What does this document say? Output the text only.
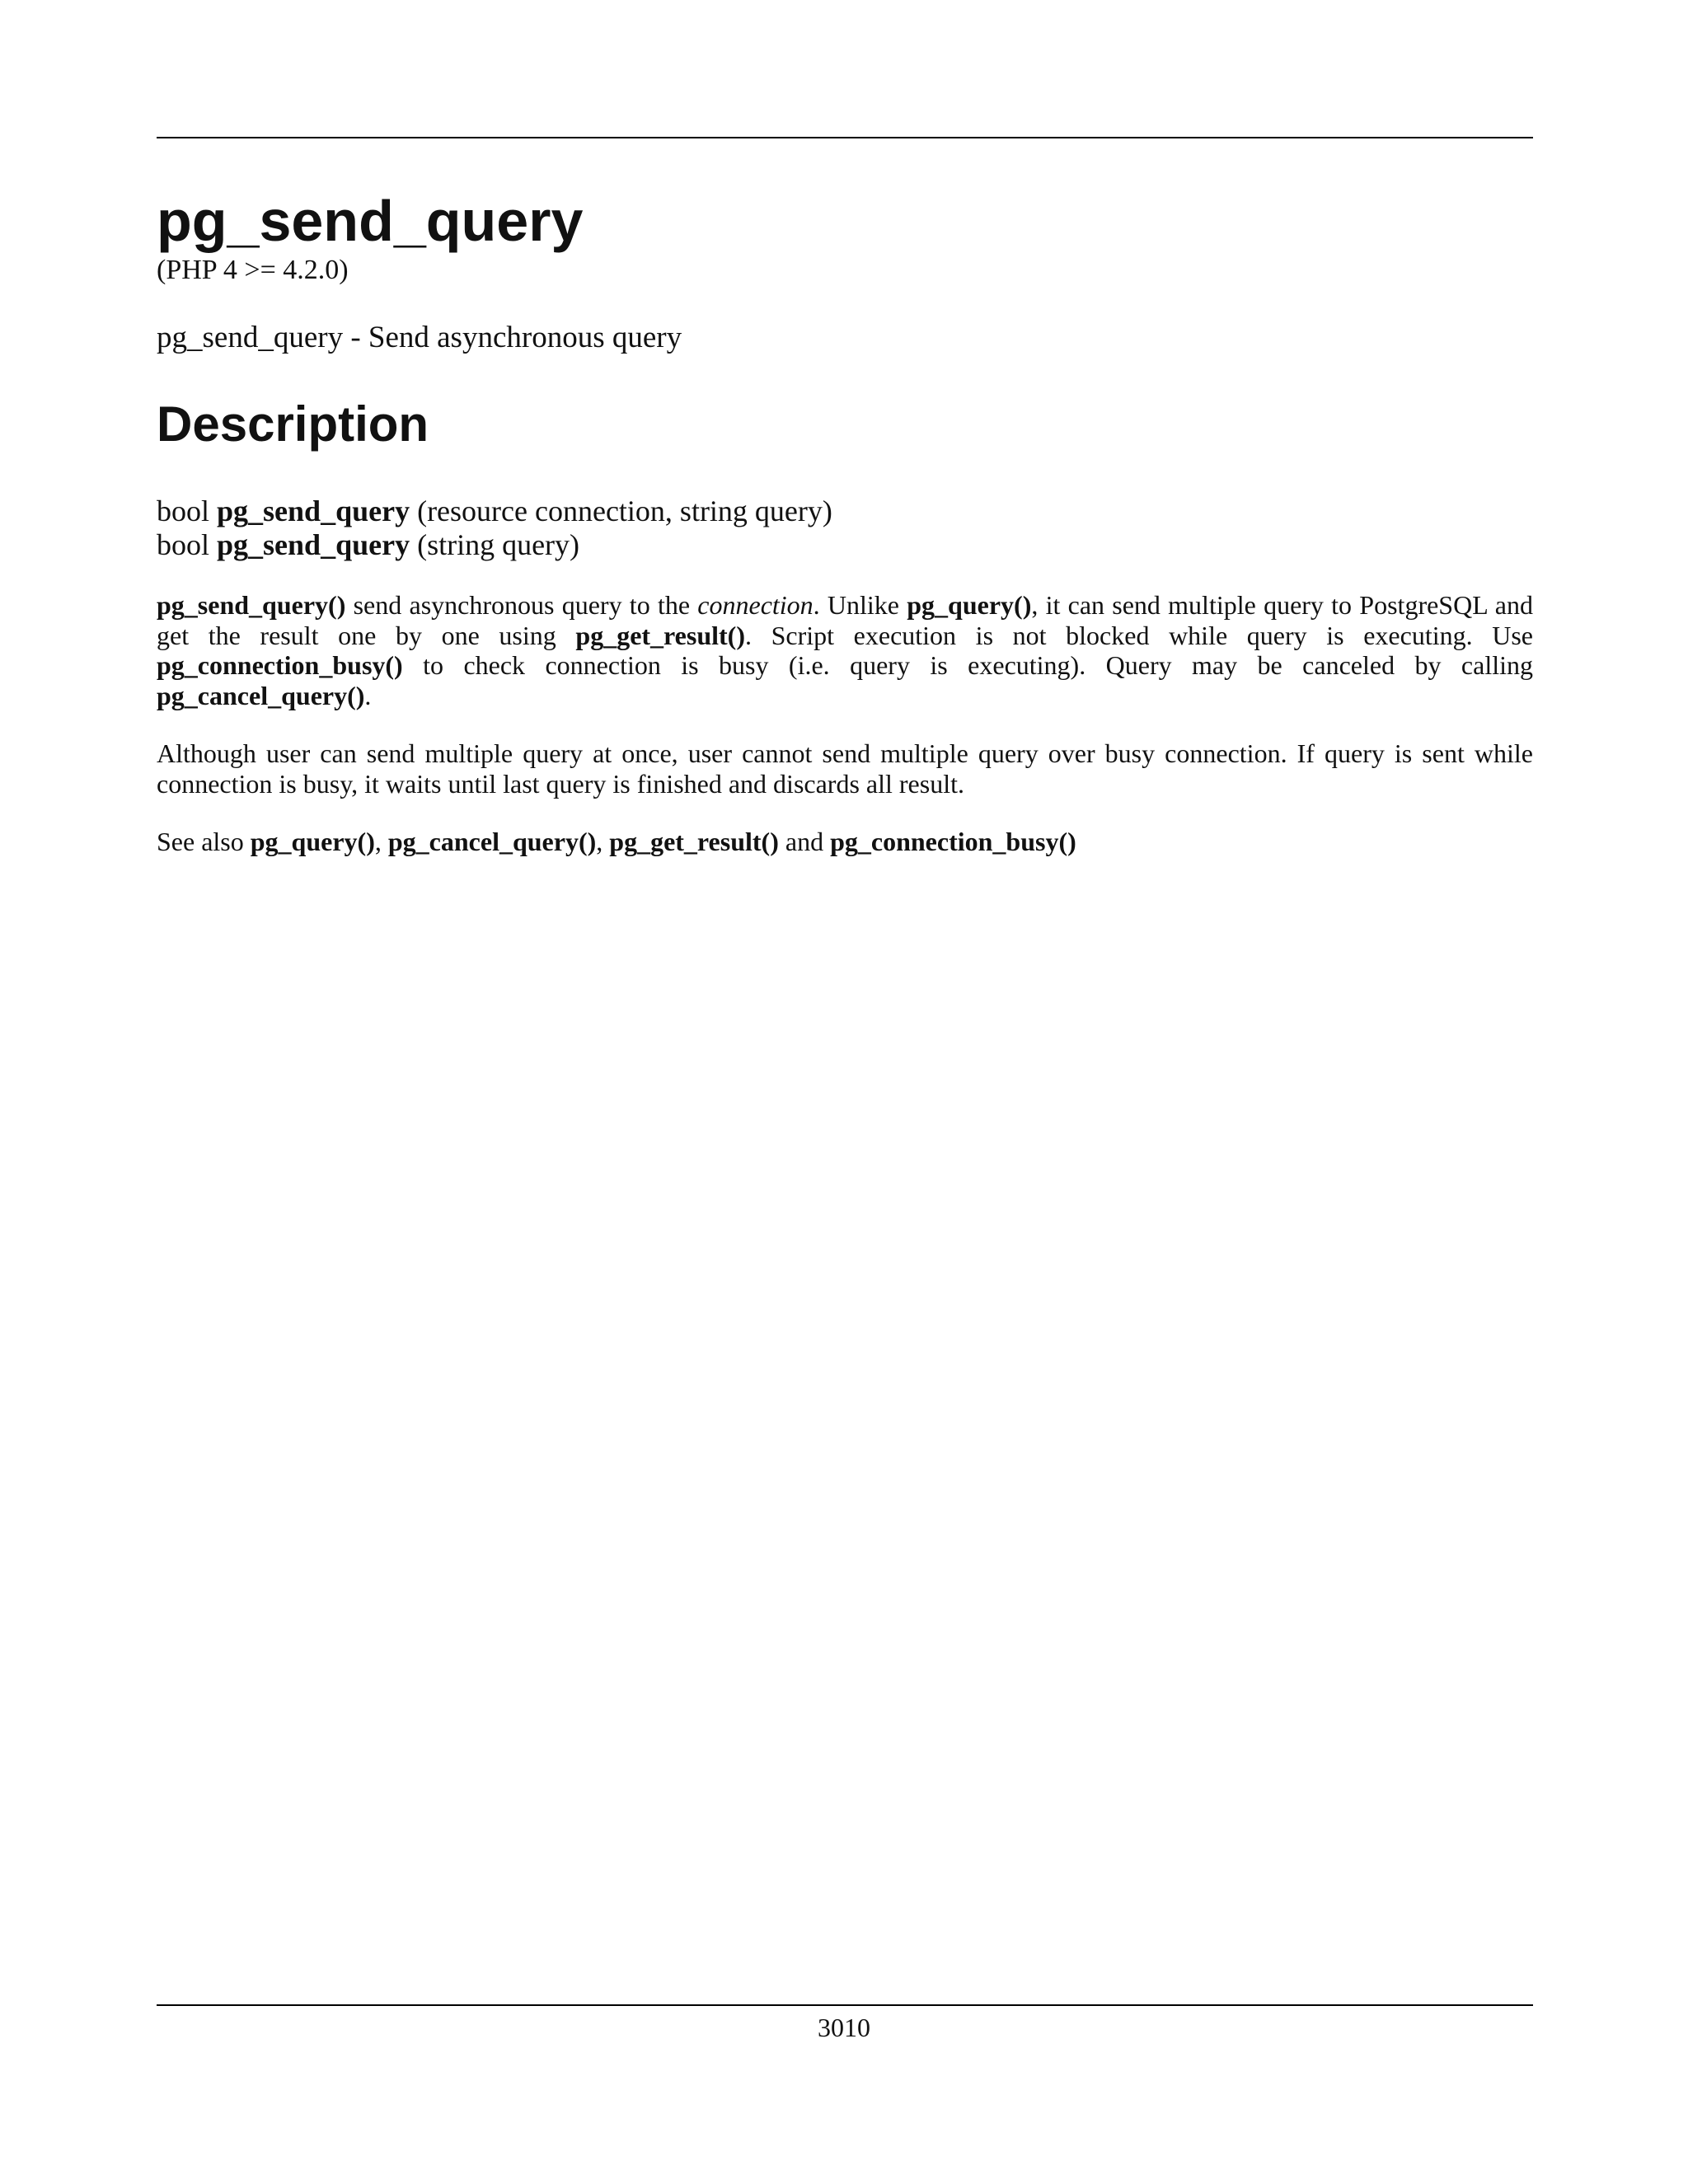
pg_send_query

(PHP 4 >= 4.2.0)

pg_send_query - Send asynchronous query

Description
bool pg_send_query (resource connection, string query)
bool pg_send_query (string query)

pg_send_query() send asynchronous query to the connection. Unlike pg_query(), it can send multiple query to PostgreSQL and get the result one by one using pg_get_result(). Script execution is not blocked while query is executing. Use pg_connection_busy() to check connection is busy (i.e. query is executing). Query may be canceled by calling pg_cancel_query().

Although user can send multiple query at once, user cannot send multiple query over busy connection. If query is sent while connection is busy, it waits until last query is finished and discards all result.

See also pg_query(), pg_cancel_query(), pg_get_result() and pg_connection_busy()

3010
